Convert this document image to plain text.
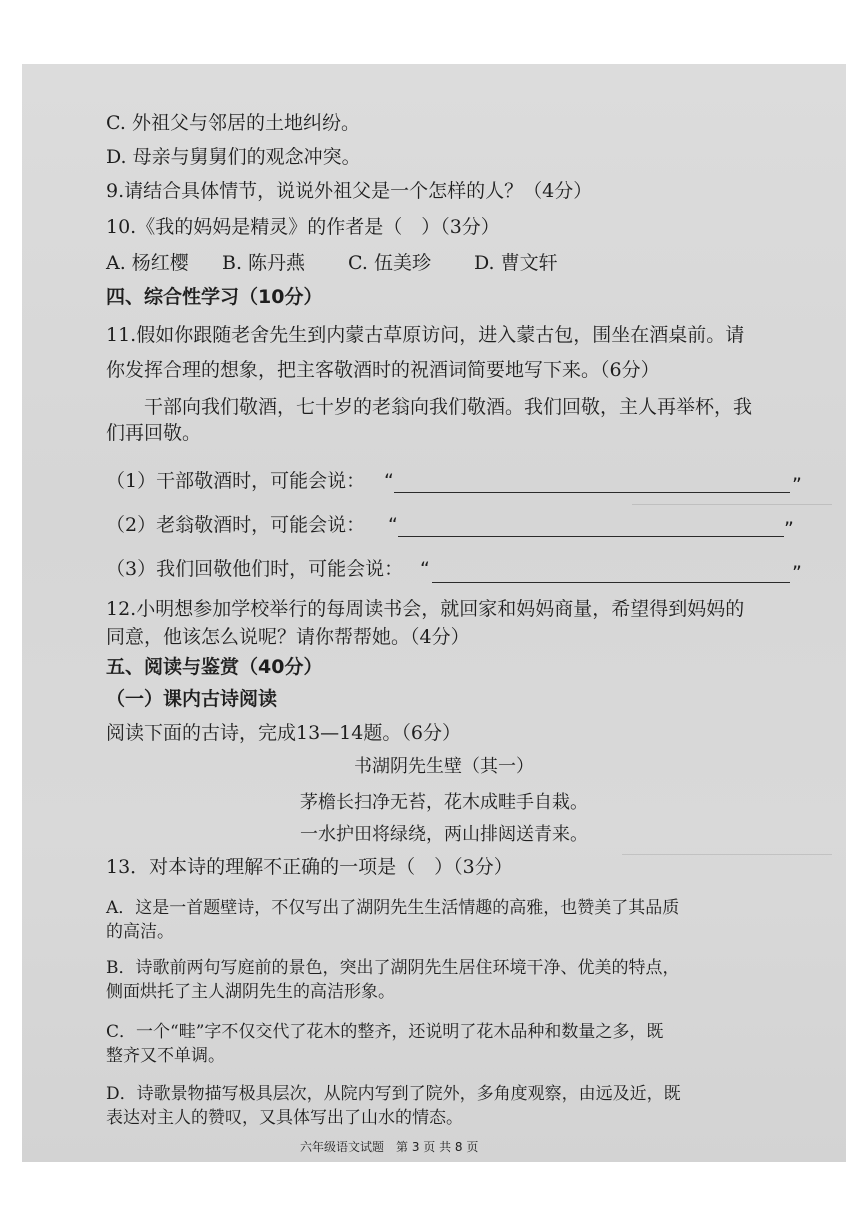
C. 外祖父与邻居的土地纠纷。
D. 母亲与舅舅们的观念冲突。
9.请结合具体情节，说说外祖父是一个怎样的人？（4分）
10.《我的妈妈是精灵》的作者是（　）（3分）
A. 杨红樱 B. 陈丹燕 C. 伍美珍 D. 曹文轩
四、综合性学习（10分）
11.假如你跟随老舍先生到内蒙古草原访问，进入蒙古包，围坐在酒桌前。请
你发挥合理的想象，把主客敬酒时的祝酒词简要地写下来。（6分）
干部向我们敬酒，七十岁的老翁向我们敬酒。我们回敬，主人再举杯，我
们再回敬。
（1）干部敬酒时，可能会说： “	”
（2）老翁敬酒时，可能会说： “	”
（3）我们回敬他们时，可能会说： “	”
12.小明想参加学校举行的每周读书会，就回家和妈妈商量，希望得到妈妈的
同意，他该怎么说呢？请你帮帮她。（4分）
五、阅读与鉴赏（40分）
（一）课内古诗阅读
阅读下面的古诗，完成13—14题。（6分）
书湖阴先生壁（其一）
茅檐长扫净无苔，花木成畦手自栽。
一水护田将绿绕，两山排闼送青来。
13．对本诗的理解不正确的一项是（　）（3分）
A．这是一首题壁诗，不仅写出了湖阴先生生活情趣的高雅，也赞美了其品质
的高洁。
B．诗歌前两句写庭前的景色，突出了湖阴先生居住环境干净、优美的特点，
侧面烘托了主人湖阴先生的高洁形象。
C．一个“畦”字不仅交代了花木的整齐，还说明了花木品种和数量之多，既
整齐又不单调。
D．诗歌景物描写极具层次，从院内写到了院外，多角度观察，由远及近，既
表达对主人的赞叹，又具体写出了山水的情态。
六年级语文试题　第 3 页 共 8 页
